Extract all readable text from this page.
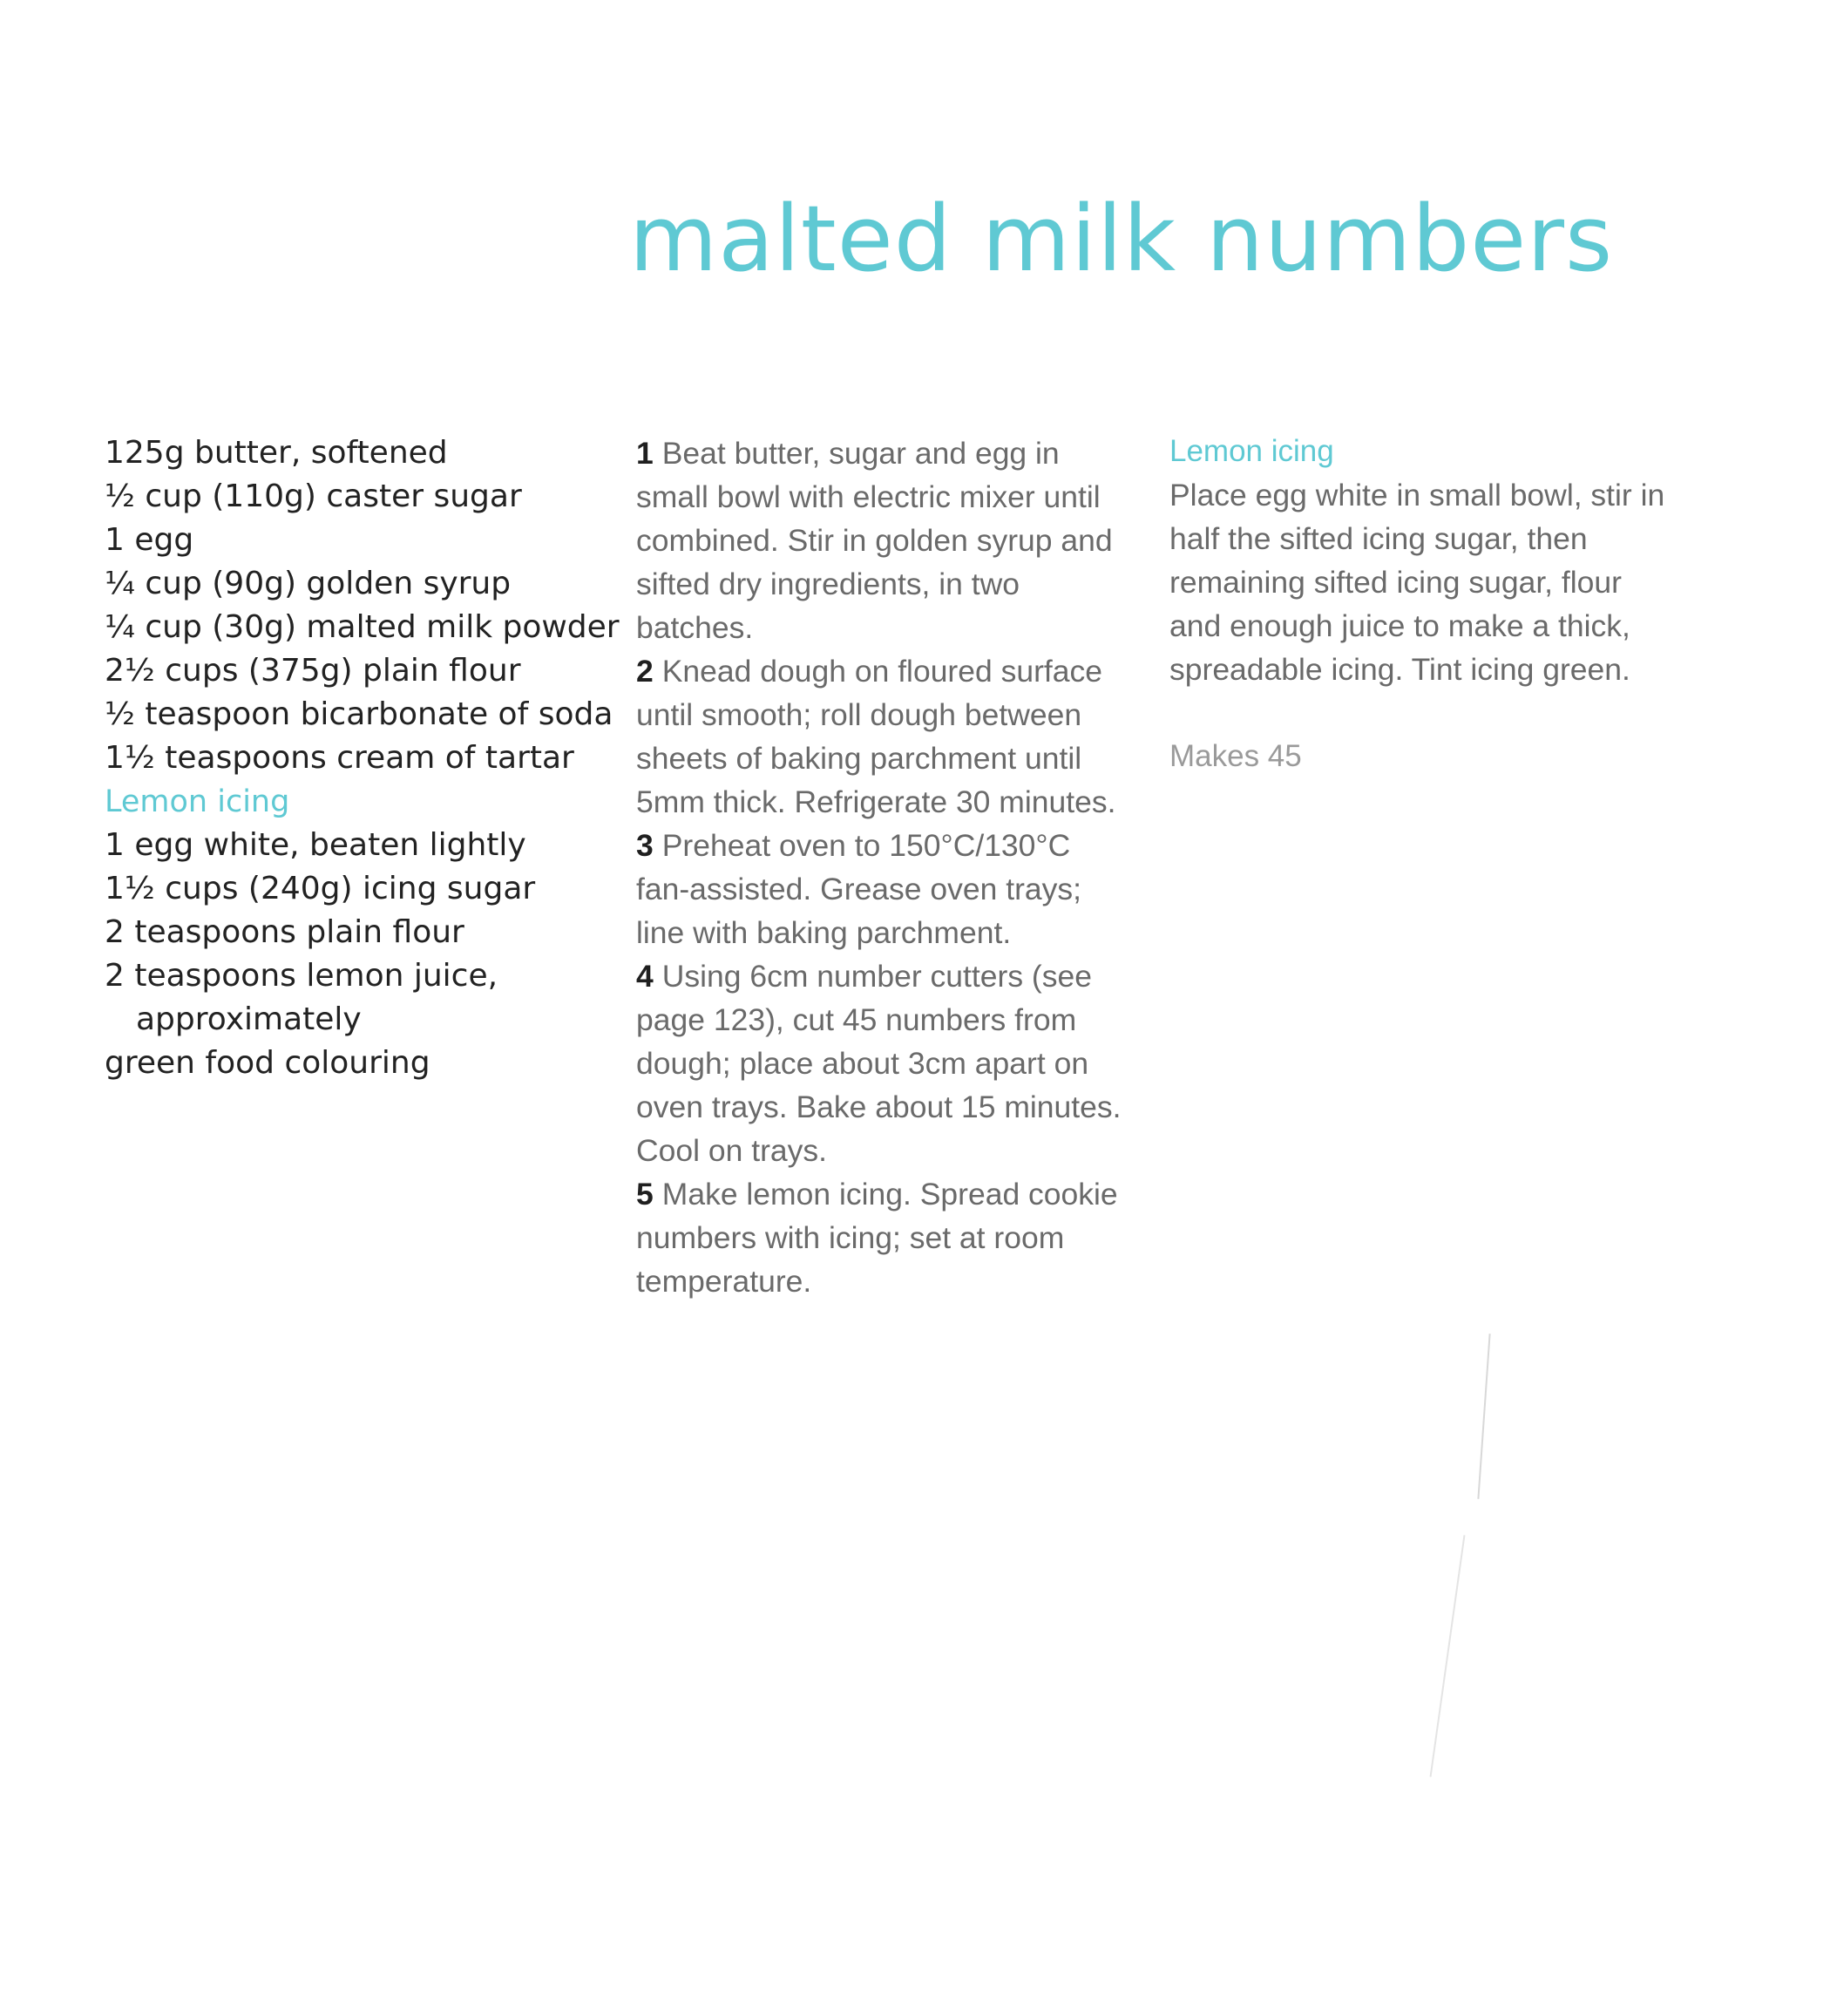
malted milk numbers
125g butter, softened
½ cup (110g) caster sugar
1 egg
¼ cup (90g) golden syrup
¼ cup (30g) malted milk powder
2½ cups (375g) plain flour
½ teaspoon bicarbonate of soda
1½ teaspoons cream of tartar
Lemon icing
1 egg white, beaten lightly
1½ cups (240g) icing sugar
2 teaspoons plain flour
2 teaspoons lemon juice,
approximately
green food colouring
1 Beat butter, sugar and egg in small bowl with electric mixer until combined. Stir in golden syrup and sifted dry ingredients, in two batches.
2 Knead dough on floured surface until smooth; roll dough between sheets of baking parchment until 5mm thick. Refrigerate 30 minutes.
3 Preheat oven to 150°C/130°C fan-assisted. Grease oven trays; line with baking parchment.
4 Using 6cm number cutters (see page 123), cut 45 numbers from dough; place about 3cm apart on oven trays. Bake about 15 minutes. Cool on trays.
5 Make lemon icing. Spread cookie numbers with icing; set at room temperature.
Lemon icing

Place egg white in small bowl, stir in half the sifted icing sugar, then remaining sifted icing sugar, flour and enough juice to make a thick, spreadable icing. Tint icing green.

Makes 45
